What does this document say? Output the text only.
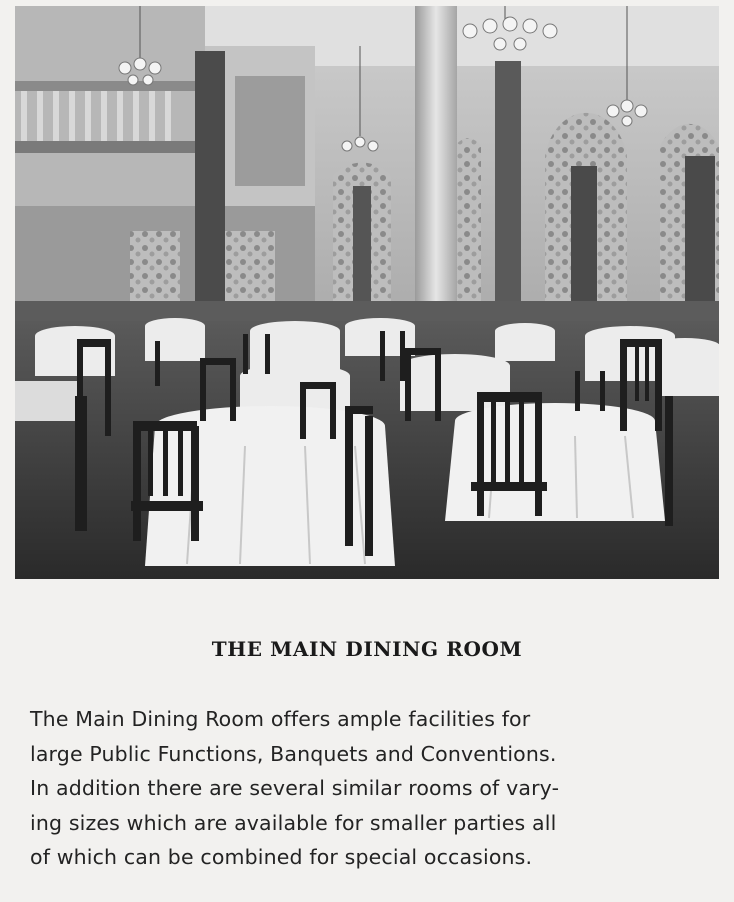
THE MAIN DINING ROOM
The Main Dining Room offers ample facilities for
large Public Functions, Banquets and Conventions.
In addition there are several similar rooms of vary-
ing sizes which are available for smaller parties all
of which can be combined for special occasions.
